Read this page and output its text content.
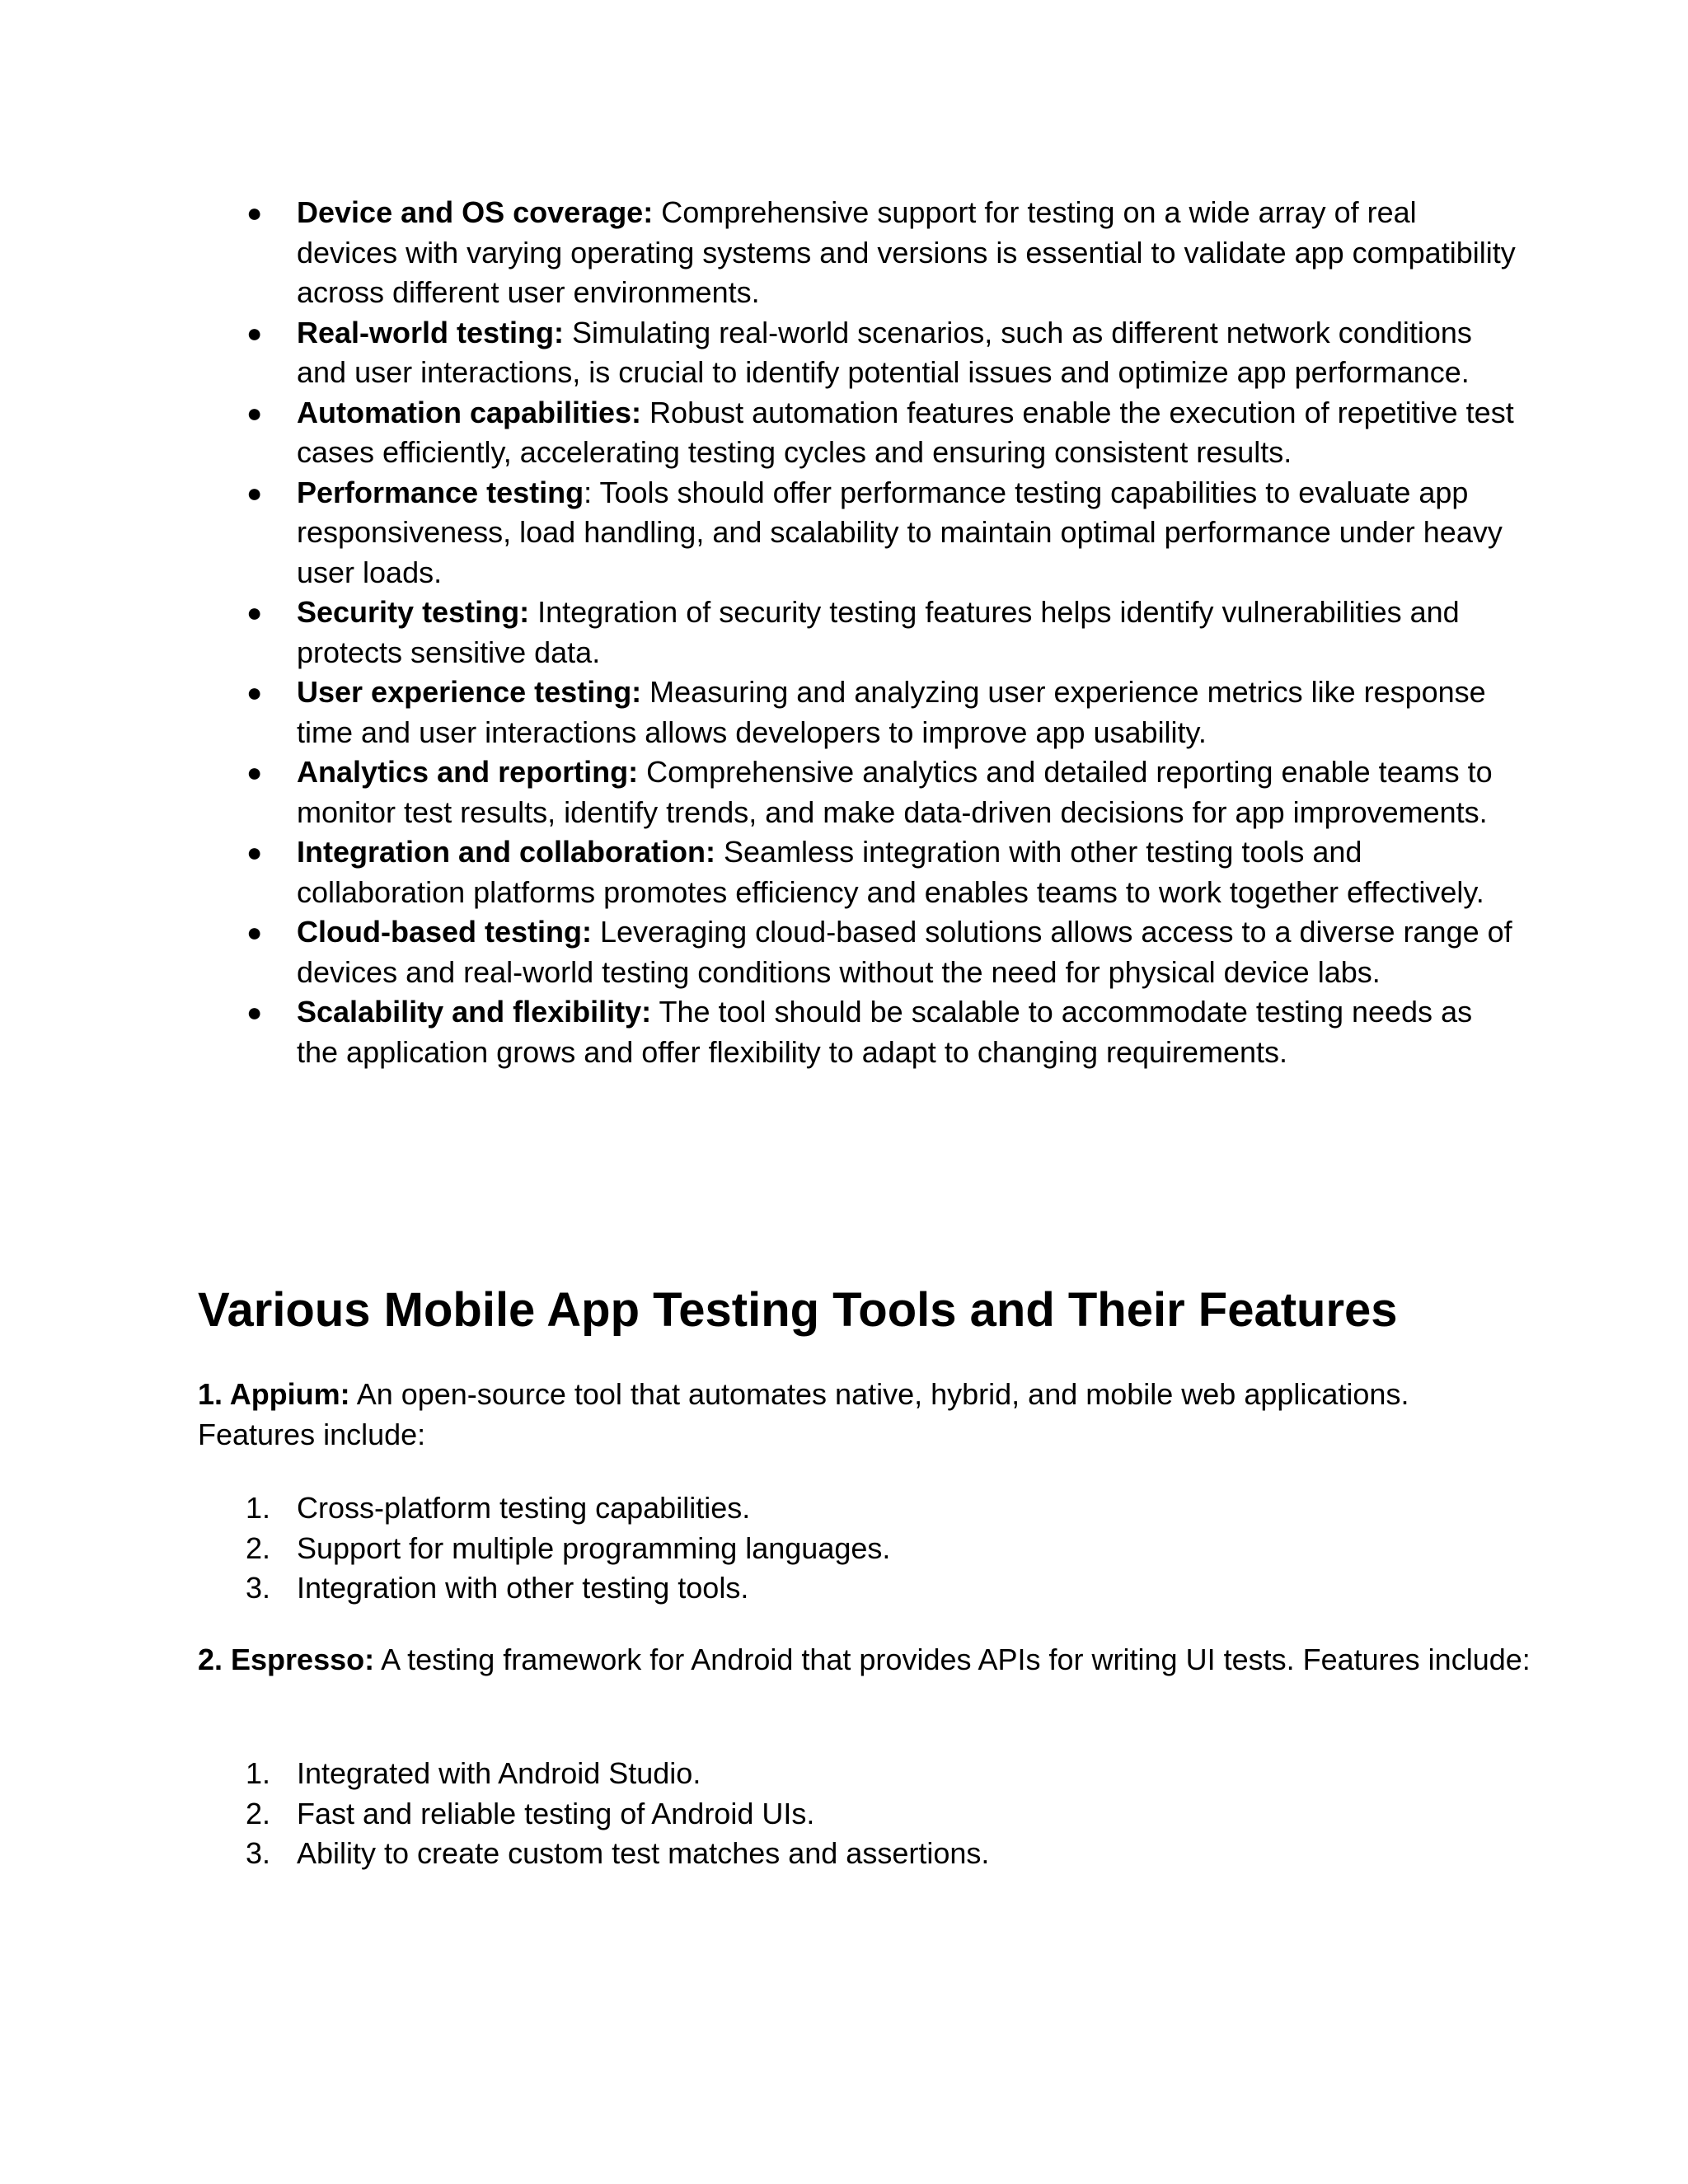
● Device and OS coverage: Comprehensive support for testing on a wide array of real devices with varying operating systems and versions is essential to validate app compatibility across different user environments.
● Real-world testing: Simulating real-world scenarios, such as different network conditions and user interactions, is crucial to identify potential issues and optimize app performance.
● Automation capabilities: Robust automation features enable the execution of repetitive test cases efficiently, accelerating testing cycles and ensuring consistent results.
● Performance testing: Tools should offer performance testing capabilities to evaluate app responsiveness, load handling, and scalability to maintain optimal performance under heavy user loads.
● Security testing: Integration of security testing features helps identify vulnerabilities and protects sensitive data.
● User experience testing: Measuring and analyzing user experience metrics like response time and user interactions allows developers to improve app usability.
● Analytics and reporting: Comprehensive analytics and detailed reporting enable teams to monitor test results, identify trends, and make data-driven decisions for app improvements.
● Integration and collaboration: Seamless integration with other testing tools and collaboration platforms promotes efficiency and enables teams to work together effectively.
● Cloud-based testing: Leveraging cloud-based solutions allows access to a diverse range of devices and real-world testing conditions without the need for physical device labs.
● Scalability and flexibility: The tool should be scalable to accommodate testing needs as the application grows and offer flexibility to adapt to changing requirements.
Various Mobile App Testing Tools and Their Features

1. Appium: An open-source tool that automates native, hybrid, and mobile web applications. Features include:

1. Cross-platform testing capabilities.
2. Support for multiple programming languages.
3. Integration with other testing tools.

2. Espresso: A testing framework for Android that provides APIs for writing UI tests. Features include:

1. Integrated with Android Studio.
2. Fast and reliable testing of Android UIs.
3. Ability to create custom test matches and assertions.
